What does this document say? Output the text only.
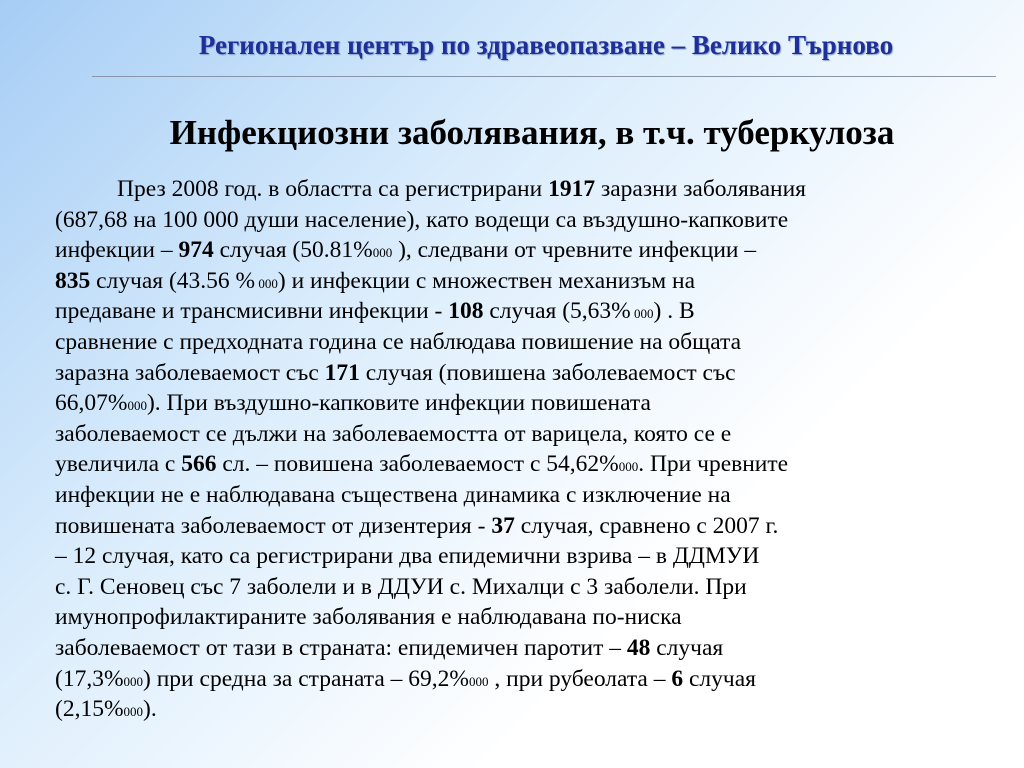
Регионален център по здравеопазване – Велико Търново
Инфекциозни заболявания, в т.ч. туберкулоза
През 2008 год. в областта са регистрирани 1917 заразни заболявания
(687,68 на 100 000 души население), като водещи са въздушно-капковите
инфекции – 974 случая (50.81%000 ), следвани от чревните инфекции –
835 случая (43.56 % 000) и инфекции с множествен механизъм на
предаване и трансмисивни инфекции - 108 случая (5,63% 000) . В
сравнение с предходната година се наблюдава повишение на общата
заразна заболеваемост със 171 случая (повишена заболеваемост със
66,07%000). При въздушно-капковите инфекции повишената
заболеваемост се дължи на заболеваемостта от варицела, която се е
увеличила с 566 сл. – повишена заболеваемост с 54,62%000. При чревните
инфекции не е наблюдавана съществена динамика с изключение на
повишената заболеваемост от дизентерия - 37 случая, сравнено с 2007 г.
– 12 случая, като са регистрирани два епидемични взрива – в ДДМУИ
с. Г. Сеновец със 7 заболели и в ДДУИ с. Михалци с 3 заболели. При
имунопрофилактираните заболявания е наблюдавана по-ниска
заболеваемост от тази в страната: епидемичен паротит – 48 случая
(17,3%000) при средна за страната – 69,2%000 , при рубеолата – 6 случая
(2,15%000).
